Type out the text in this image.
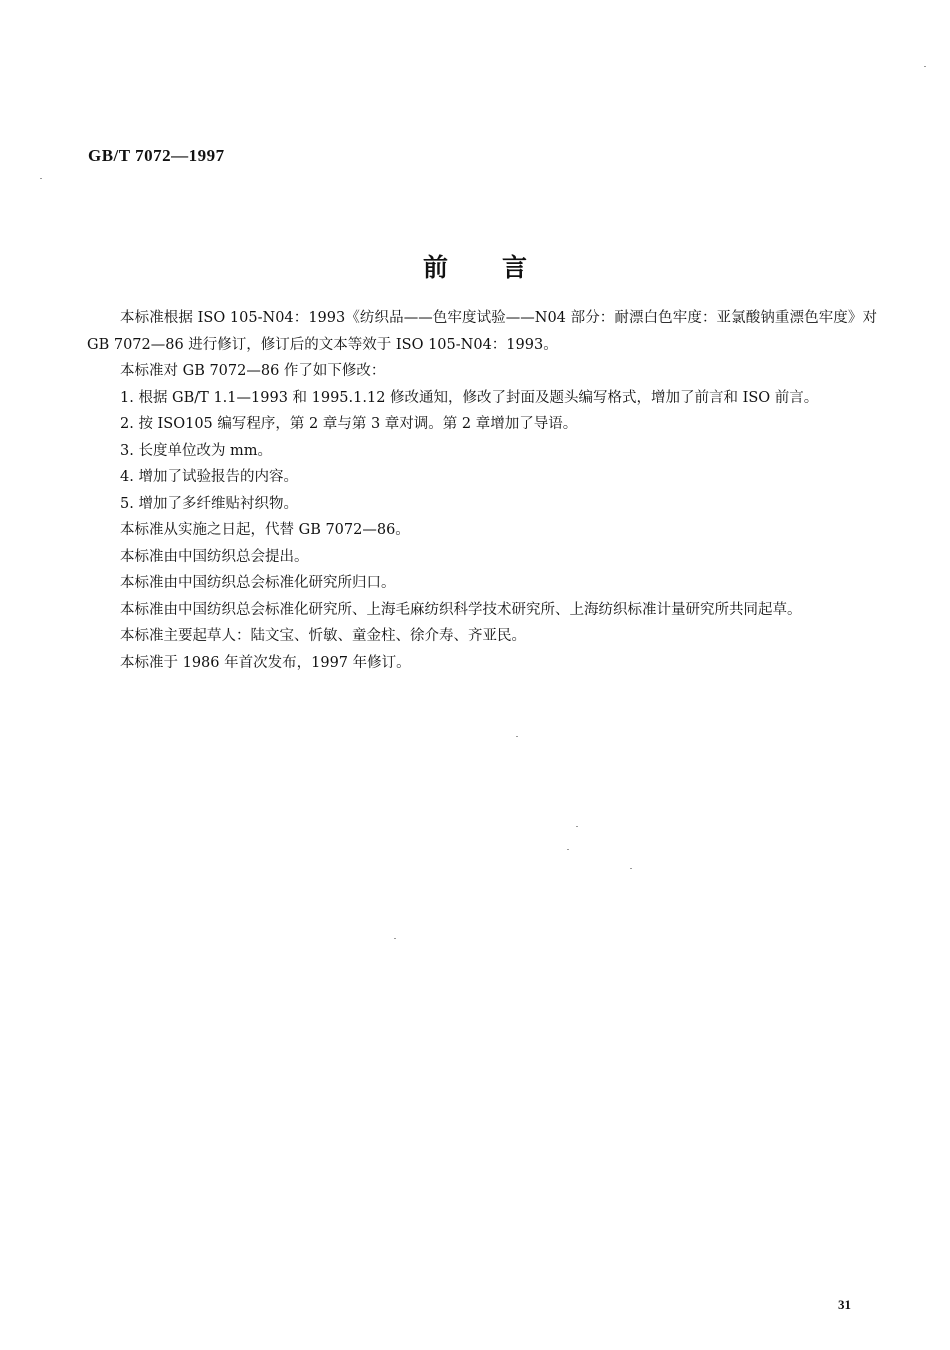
GB/T 7072—1997
前言

本标准根据 ISO 105-N04：1993《纺织品——色牢度试验——N04 部分：耐漂白色牢度：亚氯酸钠重漂色牢度》对 GB 7072—86 进行修订，修订后的文本等效于 ISO 105-N04：1993。

本标准对 GB 7072—86 作了如下修改：

1. 根据 GB/T 1.1—1993 和 1995.1.12 修改通知，修改了封面及题头编写格式，增加了前言和 ISO 前言。

2. 按 ISO105 编写程序，第 2 章与第 3 章对调。第 2 章增加了导语。

3. 长度单位改为 mm。

4. 增加了试验报告的内容。

5. 增加了多纤维贴衬织物。

本标准从实施之日起，代替 GB 7072—86。

本标准由中国纺织总会提出。

本标准由中国纺织总会标准化研究所归口。

本标准由中国纺织总会标准化研究所、上海毛麻纺织科学技术研究所、上海纺织标准计量研究所共同起草。

本标准主要起草人：陆文宝、忻敏、童金柱、徐介寿、齐亚民。

本标准于 1986 年首次发布，1997 年修订。

31
